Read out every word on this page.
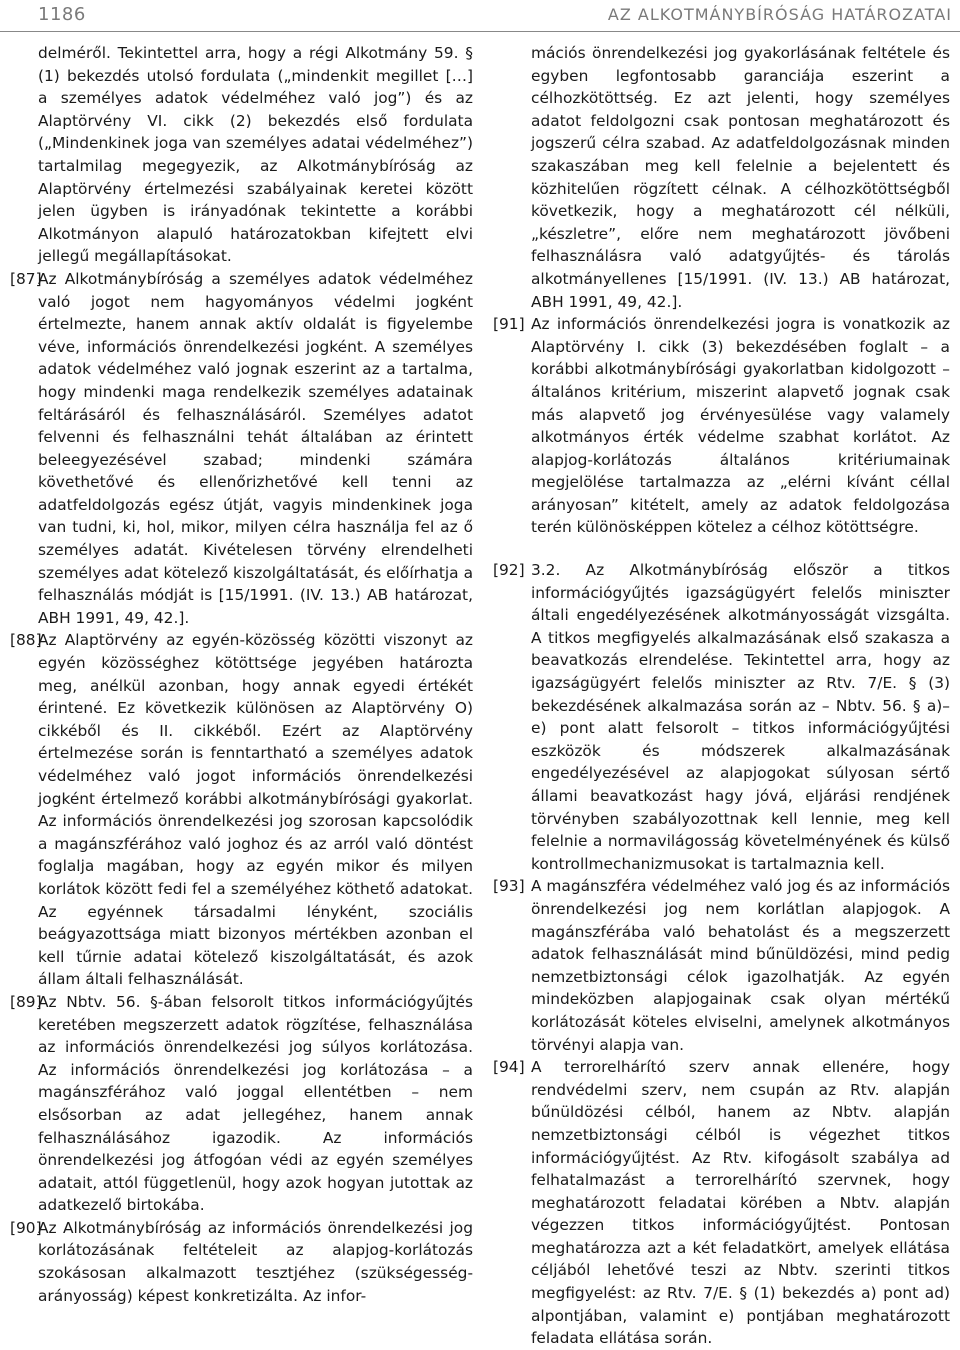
1186	AZ ALKOTMÁNYBÍRÓSÁG HATÁROZATAI

delméről. Tekintettel arra, hogy a régi Alkotmány 59. § (1) bekezdés utolsó fordulata („mindenkit megillet […] a személyes adatok védelméhez való jog”) és az Alaptörvény VI. cikk (2) bekezdés első fordulata („Mindenkinek joga van személyes adatai védelméhez”) tartalmilag megegyezik, az Alkotmánybíróság az Alaptörvény értelmezési szabályainak keretei között jelen ügyben is irányadónak tekintette a korábbi Alkotmányon alapuló határozatokban kifejtett elvi jellegű megállapításokat.

[87]
Az Alkotmánybíróság a személyes adatok védelméhez való jogot nem hagyományos védelmi jogként értelmezte, hanem annak aktív oldalát is figyelembe véve, információs önrendelkezési jogként. A személyes adatok védelméhez való jognak eszerint az a tartalma, hogy mindenki maga rendelkezik személyes adatainak feltárásáról és felhasználásáról. Személyes adatot felvenni és felhasználni tehát általában az érintett beleegyezésével szabad; mindenki számára követhetővé és ellenőrizhetővé kell tenni az adatfeldolgozás egész útját, vagyis mindenkinek joga van tudni, ki, hol, mikor, milyen célra használja fel az ő személyes adatát. Kivételesen törvény elrendelheti személyes adat kötelező kiszolgáltatását, és előírhatja a felhasználás módját is [15/1991. (IV. 13.) AB határozat, ABH 1991, 49, 42.].
[88]
Az Alaptörvény az egyén-közösség közötti viszonyt az egyén közösséghez kötöttsége jegyében határozta meg, anélkül azonban, hogy annak egyedi értékét érintené. Ez következik különösen az Alaptörvény O) cikkéből és II. cikkéből. Ezért az Alaptörvény értelmezése során is fenntartható a személyes adatok védelméhez való jogot információs önrendelkezési jogként értelmező korábbi alkotmánybírósági gyakorlat. Az információs önrendelkezési jog szorosan kapcsolódik a magánszférához való joghoz és az arról való döntést foglalja magában, hogy az egyén mikor és milyen korlátok között fedi fel a személyéhez köthető adatokat. Az egyénnek társadalmi lényként, szociális beágyazottsága miatt bizonyos mértékben azonban el kell tűrnie adatai kötelező kiszolgáltatását, és azok állam általi felhasználását.
[89]
Az Nbtv. 56. §-ában felsorolt titkos információgyűjtés keretében megszerzett adatok rögzítése, felhasználása az információs önrendelkezési jog súlyos korlátozása. Az információs önrendelkezési jog korlátozása – a magánszférához való joggal ellentétben – nem elsősorban az adat jellegéhez, hanem annak felhasználásához igazodik. Az információs önrendelkezési jog átfogóan védi az egyén személyes adatait, attól függetlenül, hogy azok hogyan jutottak az adatkezelő birtokába.
[90]
Az Alkotmánybíróság az információs önrendelkezési jog korlátozásának feltételeit az alapjog-korlátozás szokásosan alkalmazott tesztjéhez (szükségesség-arányosság) képest konkretizálta. Az infor-

mációs önrendelkezési jog gyakorlásának feltétele és egyben legfontosabb garanciája eszerint a célhozkötöttség. Ez azt jelenti, hogy személyes adatot feldolgozni csak pontosan meghatározott és jogszerű célra szabad. Az adatfeldolgozásnak minden szakaszában meg kell felelnie a bejelentett és közhitelűen rögzített célnak. A célhozkötöttségből következik, hogy a meghatározott cél nélküli, „készletre”, előre nem meghatározott jövőbeni felhasználásra való adatgyűjtés- és tárolás alkotmányellenes [15/1991. (IV. 13.) AB határozat, ABH 1991, 49, 42.].

[91] Az információs önrendelkezési jogra is vonatkozik az Alaptörvény I. cikk (3) bekezdésében foglalt – a korábbi alkotmánybírósági gyakorlatban kidolgozott – általános kritérium, miszerint alapvető jognak csak más alapvető jog érvényesülése vagy valamely alkotmányos érték védelme szabhat korlátot. Az alapjog-korlátozás általános kritériumainak megjelölése tartalmazza az „elérni kívánt céllal arányosan” kitételt, amely az adatok feldolgozása terén különösképpen kötelez a célhoz kötöttségre.
[92] 3.2. Az Alkotmánybíróság először a titkos információgyűjtés igazságügyért felelős miniszter általi engedélyezésének alkotmányosságát vizsgálta. A titkos megfigyelés alkalmazásának első szakasza a beavatkozás elrendelése. Tekintettel arra, hogy az igazságügyért felelős miniszter az Rtv. 7/E. § (3) bekezdésének alkalmazása során az – Nbtv. 56. § a)–e) pont alatt felsorolt – titkos információgyűjtési eszközök és módszerek alkalmazásának engedélyezésével az alapjogokat súlyosan sértő állami beavatkozást hagy jóvá, eljárási rendjének törvényben szabályozottnak kell lennie, meg kell felelnie a normavilágosság követelményének és külső kontrollmechanizmusokat is tartalmaznia kell.
[93] A magánszféra védelméhez való jog és az információs önrendelkezési jog nem korlátlan alapjogok. A magánszférába való behatolást és a megszerzett adatok felhasználását mind bűnüldözési, mind pedig nemzetbiztonsági célok igazolhatják. Az egyén mindeközben alapjogainak csak olyan mértékű korlátozását köteles elviselni, amelynek alkotmányos törvényi alapja van.
[94] A terrorelhárító szerv annak ellenére, hogy rendvédelmi szerv, nem csupán az Rtv. alapján bűnüldözési célból, hanem az Nbtv. alapján nemzetbiztonsági célból is végezhet titkos információgyűjtést. Az Rtv. kifogásolt szabálya ad felhatalmazást a terrorelhárító szervnek, hogy meghatározott feladatai körében a Nbtv. alapján végezzen titkos információgyűjtést. Pontosan meghatározza azt a két feladatkört, amelyek ellátása céljából lehetővé teszi az Nbtv. szerinti titkos megfigyelést: az Rtv. 7/E. § (1) bekezdés a) pont ad) alpontjában, valamint e) pontjában meghatározott feladata ellátása során.
